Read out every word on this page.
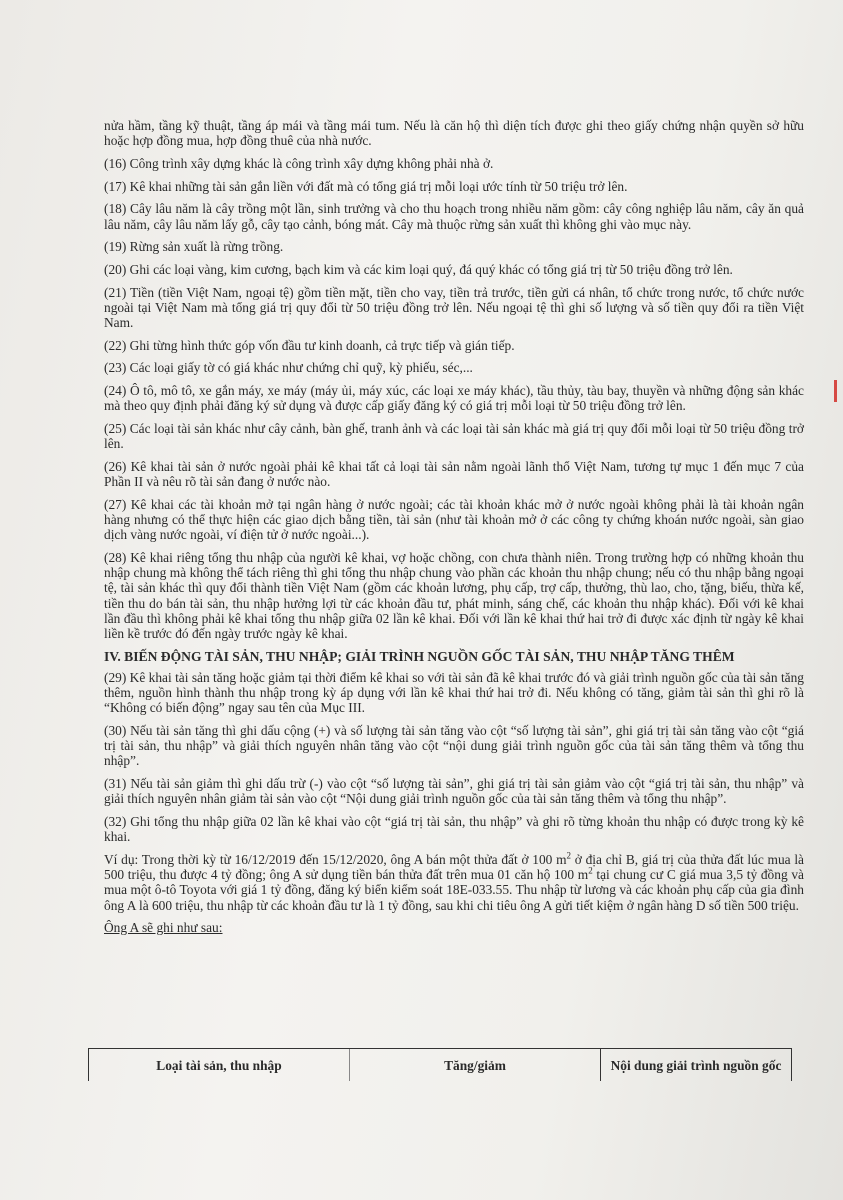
nửa hầm, tầng kỹ thuật, tầng áp mái và tầng mái tum. Nếu là căn hộ thì diện tích được ghi theo giấy chứng nhận quyền sở hữu hoặc hợp đồng mua, hợp đồng thuê của nhà nước.

(16) Công trình xây dựng khác là công trình xây dựng không phải nhà ở.

(17) Kê khai những tài sản gắn liền với đất mà có tổng giá trị mỗi loại ước tính từ 50 triệu trở lên.

(18) Cây lâu năm là cây trồng một lần, sinh trưởng và cho thu hoạch trong nhiều năm gồm: cây công nghiệp lâu năm, cây ăn quả lâu năm, cây lâu năm lấy gỗ, cây tạo cảnh, bóng mát. Cây mà thuộc rừng sản xuất thì không ghi vào mục này.

(19) Rừng sản xuất là rừng trồng.

(20) Ghi các loại vàng, kim cương, bạch kim và các kim loại quý, đá quý khác có tổng giá trị từ 50 triệu đồng trở lên.

(21) Tiền (tiền Việt Nam, ngoại tệ) gồm tiền mặt, tiền cho vay, tiền trả trước, tiền gửi cá nhân, tổ chức trong nước, tổ chức nước ngoài tại Việt Nam mà tổng giá trị quy đổi từ 50 triệu đồng trở lên. Nếu ngoại tệ thì ghi số lượng và số tiền quy đổi ra tiền Việt Nam.

(22) Ghi từng hình thức góp vốn đầu tư kinh doanh, cả trực tiếp và gián tiếp.

(23) Các loại giấy tờ có giá khác như chứng chỉ quỹ, kỳ phiếu, séc,...

(24) Ô tô, mô tô, xe gắn máy, xe máy (máy ủi, máy xúc, các loại xe máy khác), tầu thủy, tàu bay, thuyền và những động sản khác mà theo quy định phải đăng ký sử dụng và được cấp giấy đăng ký có giá trị mỗi loại từ 50 triệu đồng trở lên.

(25) Các loại tài sản khác như cây cảnh, bàn ghế, tranh ảnh và các loại tài sản khác mà giá trị quy đổi mỗi loại từ 50 triệu đồng trở lên.

(26) Kê khai tài sản ở nước ngoài phải kê khai tất cả loại tài sản nằm ngoài lãnh thổ Việt Nam, tương tự mục 1 đến mục 7 của Phần II và nêu rõ tài sản đang ở nước nào.

(27) Kê khai các tài khoản mở tại ngân hàng ở nước ngoài; các tài khoản khác mở ở nước ngoài không phải là tài khoản ngân hàng nhưng có thể thực hiện các giao dịch bằng tiền, tài sản (như tài khoản mở ở các công ty chứng khoán nước ngoài, sàn giao dịch vàng nước ngoài, ví điện tử ở nước ngoài...).

(28) Kê khai riêng tổng thu nhập của người kê khai, vợ hoặc chồng, con chưa thành niên. Trong trường hợp có những khoản thu nhập chung mà không thể tách riêng thì ghi tổng thu nhập chung vào phần các khoản thu nhập chung; nếu có thu nhập bằng ngoại tệ, tài sản khác thì quy đổi thành tiền Việt Nam (gồm các khoản lương, phụ cấp, trợ cấp, thưởng, thù lao, cho, tặng, biếu, thừa kế, tiền thu do bán tài sản, thu nhập hưởng lợi từ các khoản đầu tư, phát minh, sáng chế, các khoản thu nhập khác). Đối với kê khai lần đầu thì không phải kê khai tổng thu nhập giữa 02 lần kê khai. Đối với lần kê khai thứ hai trở đi được xác định từ ngày kê khai liền kề trước đó đến ngày trước ngày kê khai.

IV. BIẾN ĐỘNG TÀI SẢN, THU NHẬP; GIẢI TRÌNH NGUỒN GỐC TÀI SẢN, THU NHẬP TĂNG THÊM

(29) Kê khai tài sản tăng hoặc giảm tại thời điểm kê khai so với tài sản đã kê khai trước đó và giải trình nguồn gốc của tài sản tăng thêm, nguồn hình thành thu nhập trong kỳ áp dụng với lần kê khai thứ hai trở đi. Nếu không có tăng, giảm tài sản thì ghi rõ là “Không có biến động” ngay sau tên của Mục III.

(30) Nếu tài sản tăng thì ghi dấu cộng (+) và số lượng tài sản tăng vào cột “số lượng tài sản”, ghi giá trị tài sản tăng vào cột “giá trị tài sản, thu nhập” và giải thích nguyên nhân tăng vào cột “nội dung giải trình nguồn gốc của tài sản tăng thêm và tổng thu nhập”.

(31) Nếu tài sản giảm thì ghi dấu trừ (-) vào cột “số lượng tài sản”, ghi giá trị tài sản giảm vào cột “giá trị tài sản, thu nhập” và giải thích nguyên nhân giảm tài sản vào cột “Nội dung giải trình nguồn gốc của tài sản tăng thêm và tổng thu nhập”.

(32) Ghi tổng thu nhập giữa 02 lần kê khai vào cột “giá trị tài sản, thu nhập” và ghi rõ từng khoản thu nhập có được trong kỳ kê khai.

Ví dụ: Trong thời kỳ từ 16/12/2019 đến 15/12/2020, ông A bán một thửa đất ở 100 $m^2$ ở địa chỉ B, giá trị của thửa đất lúc mua là 500 triệu, thu được 4 tỷ đồng; ông A sử dụng tiền bán thửa đất trên mua 01 căn hộ 100 $m^2$ tại chung cư C giá mua 3,5 tỷ đồng và mua một ô-tô Toyota với giá 1 tỷ đồng, đăng ký biển kiểm soát 18E-033.55. Thu nhập từ lương và các khoản phụ cấp của gia đình ông A là 600 triệu, thu nhập từ các khoản đầu tư là 1 tỷ đồng, sau khi chi tiêu ông A gửi tiết kiệm ở ngân hàng D số tiền 500 triệu.

Ông A sẽ ghi như sau:
Loại tài sản, thu nhập	Tăng/giảm	Nội dung giải trình nguồn gốc
